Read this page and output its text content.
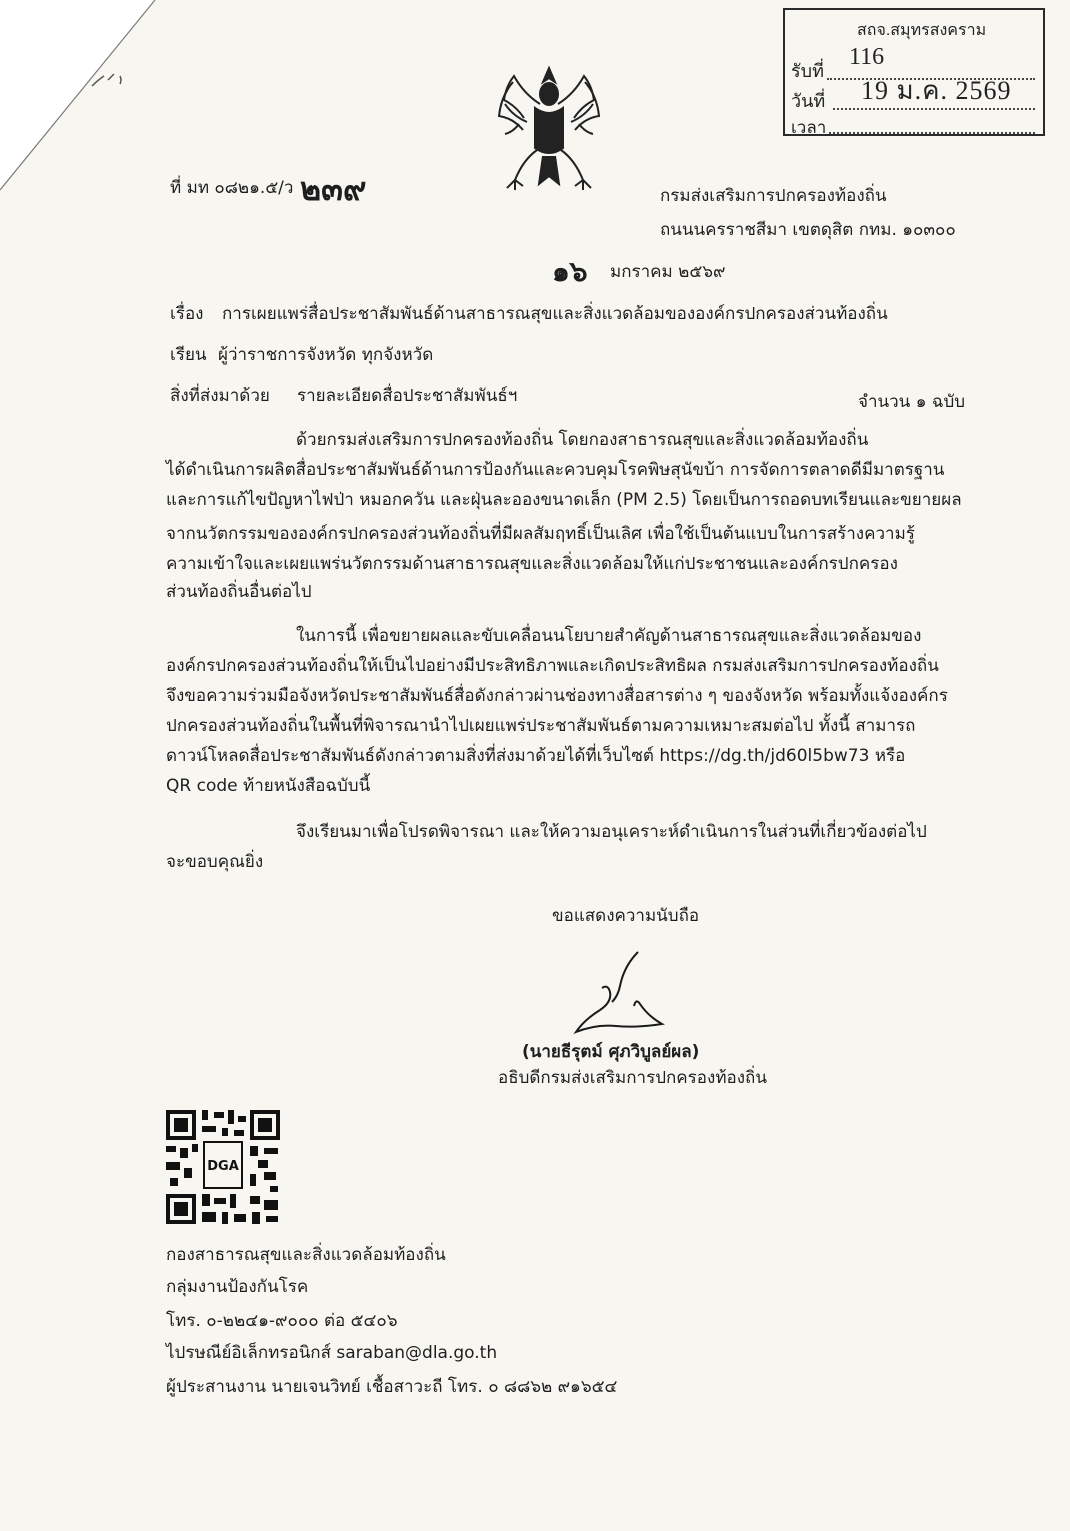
สถจ.สมุทรสงคราม
รับที่
116
วันที่ 19 ม.ค. 2569
เวลา
ที่ มท ๐๘๒๑.๕/ว ๒๓๙	กรมส่งเสริมการปกครองท้องถิ่น
ถนนนครราชสีมา เขตดุสิต กทม. ๑๐๓๐๐
๑๖ มกราคม ๒๕๖๙
เรื่อง การเผยแพร่สื่อประชาสัมพันธ์ด้านสาธารณสุขและสิ่งแวดล้อมขององค์กรปกครองส่วนท้องถิ่น
เรียน ผู้ว่าราชการจังหวัด ทุกจังหวัด
สิ่งที่ส่งมาด้วย รายละเอียดสื่อประชาสัมพันธ์ฯ	จำนวน ๑ ฉบับ
ด้วยกรมส่งเสริมการปกครองท้องถิ่น โดยกองสาธารณสุขและสิ่งแวดล้อมท้องถิ่น
ได้ดำเนินการผลิตสื่อประชาสัมพันธ์ด้านการป้องกันและควบคุมโรคพิษสุนัขบ้า การจัดการตลาดดีมีมาตรฐาน
และการแก้ไขปัญหาไฟป่า หมอกควัน และฝุ่นละอองขนาดเล็ก (PM 2.5) โดยเป็นการถอดบทเรียนและขยายผล
จากนวัตกรรมขององค์กรปกครองส่วนท้องถิ่นที่มีผลสัมฤทธิ์เป็นเลิศ เพื่อใช้เป็นต้นแบบในการสร้างความรู้
ความเข้าใจและเผยแพร่นวัตกรรมด้านสาธารณสุขและสิ่งแวดล้อมให้แก่ประชาชนและองค์กรปกครอง
ส่วนท้องถิ่นอื่นต่อไป
ในการนี้ เพื่อขยายผลและขับเคลื่อนนโยบายสำคัญด้านสาธารณสุขและสิ่งแวดล้อมของ
องค์กรปกครองส่วนท้องถิ่นให้เป็นไปอย่างมีประสิทธิภาพและเกิดประสิทธิผล กรมส่งเสริมการปกครองท้องถิ่น
จึงขอความร่วมมือจังหวัดประชาสัมพันธ์สื่อดังกล่าวผ่านช่องทางสื่อสารต่าง ๆ ของจังหวัด พร้อมทั้งแจ้งองค์กร
ปกครองส่วนท้องถิ่นในพื้นที่พิจารณานำไปเผยแพร่ประชาสัมพันธ์ตามความเหมาะสมต่อไป ทั้งนี้ สามารถ
ดาวน์โหลดสื่อประชาสัมพันธ์ดังกล่าวตามสิ่งที่ส่งมาด้วยได้ที่เว็บไซต์ https://dg.th/jd60l5bw73 หรือ
QR code ท้ายหนังสือฉบับนี้
จึงเรียนมาเพื่อโปรดพิจารณา และให้ความอนุเคราะห์ดำเนินการในส่วนที่เกี่ยวข้องต่อไป
จะขอบคุณยิ่ง
ขอแสดงความนับถือ
(นายธีรุตม์ ศุภวิบูลย์ผล)
อธิบดีกรมส่งเสริมการปกครองท้องถิ่น
DGA
กองสาธารณสุขและสิ่งแวดล้อมท้องถิ่น
กลุ่มงานป้องกันโรค
โทร. ๐-๒๒๔๑-๙๐๐๐ ต่อ ๕๔๐๖
ไปรษณีย์อิเล็กทรอนิกส์ saraban@dla.go.th
ผู้ประสานงาน นายเจนวิทย์ เชื้อสาวะถี โทร. ๐ ๘๘๖๒ ๙๑๖๕๔
